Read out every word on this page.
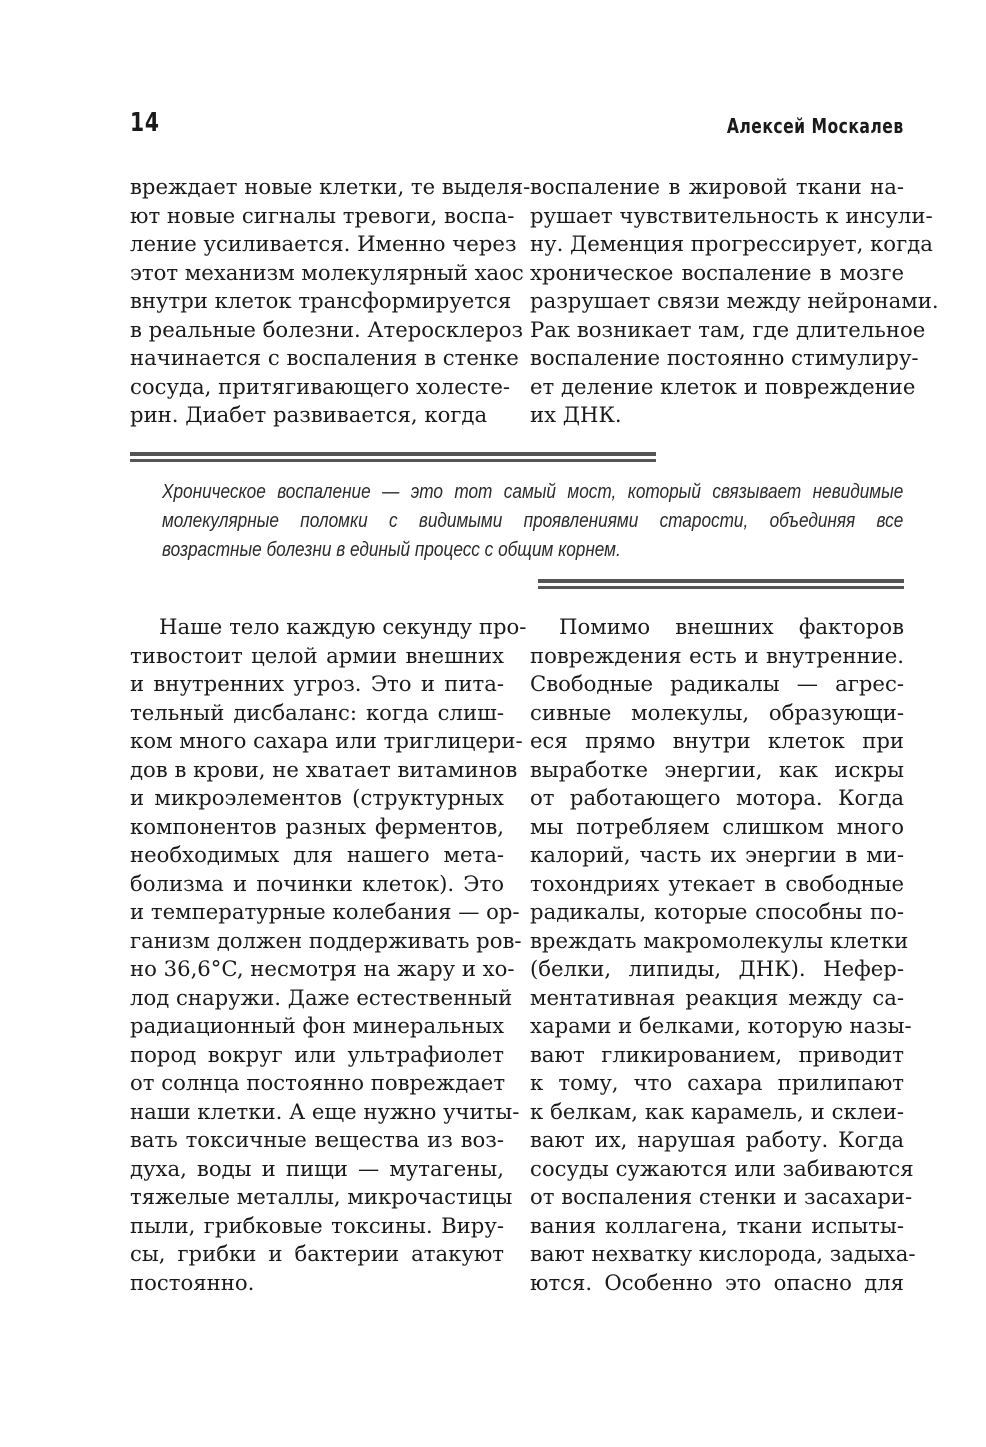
14	Алексей Москалев
вреждает новые клетки, те выделя-
ют новые сигналы тревоги, воспа-
ление усиливается. Именно через
этот механизм молекулярный хаос
внутри клеток трансформируется
в реальные болезни. Атеросклероз
начинается с воспаления в стенке
сосуда, притягивающего холесте-
рин. Диабет развивается, когда
воспаление в жировой ткани на-
рушает чувствительность к инсули-
ну. Деменция прогрессирует, когда
хроническое воспаление в мозге
разрушает связи между нейронами.
Рак возникает там, где длительное
воспаление постоянно стимулиру-
ет деление клеток и повреждение
их ДНК.
Хроническое воспаление — это тот самый мост, который связывает невидимые
молекулярные поломки с видимыми проявлениями старости, объединяя все
возрастные болезни в единый процесс с общим корнем.
Наше тело каждую секунду про-
тивостоит целой армии внешних
и внутренних угроз. Это и пита-
тельный дисбаланс: когда слиш-
ком много сахара или триглицери-
дов в крови, не хватает витаминов
и микроэлементов (структурных
компонентов разных ферментов,
необходимых для нашего мета-
болизма и починки клеток). Это
и температурные колебания — ор-
ганизм должен поддерживать ров-
но 36,6°C, несмотря на жару и хо-
лод снаружи. Даже естественный
радиационный фон минеральных
пород вокруг или ультрафиолет
от солнца постоянно повреждает
наши клетки. А еще нужно учиты-
вать токсичные вещества из воз-
духа, воды и пищи — мутагены,
тяжелые металлы, микрочастицы
пыли, грибковые токсины. Виру-
сы, грибки и бактерии атакуют
постоянно.
Помимо внешних факторов
повреждения есть и внутренние.
Свободные радикалы — агрес-
сивные молекулы, образующи-
еся прямо внутри клеток при
выработке энергии, как искры
от работающего мотора. Когда
мы потребляем слишком много
калорий, часть их энергии в ми-
тохондриях утекает в свободные
радикалы, которые способны по-
вреждать макромолекулы клетки
(белки, липиды, ДНК). Нефер-
ментативная реакция между са-
харами и белками, которую назы-
вают гликированием, приводит
к тому, что сахара прилипают
к белкам, как карамель, и склеи-
вают их, нарушая работу. Когда
сосуды сужаются или забиваются
от воспаления стенки и засахари-
вания коллагена, ткани испыты-
вают нехватку кислорода, задыха-
ются. Особенно это опасно для
